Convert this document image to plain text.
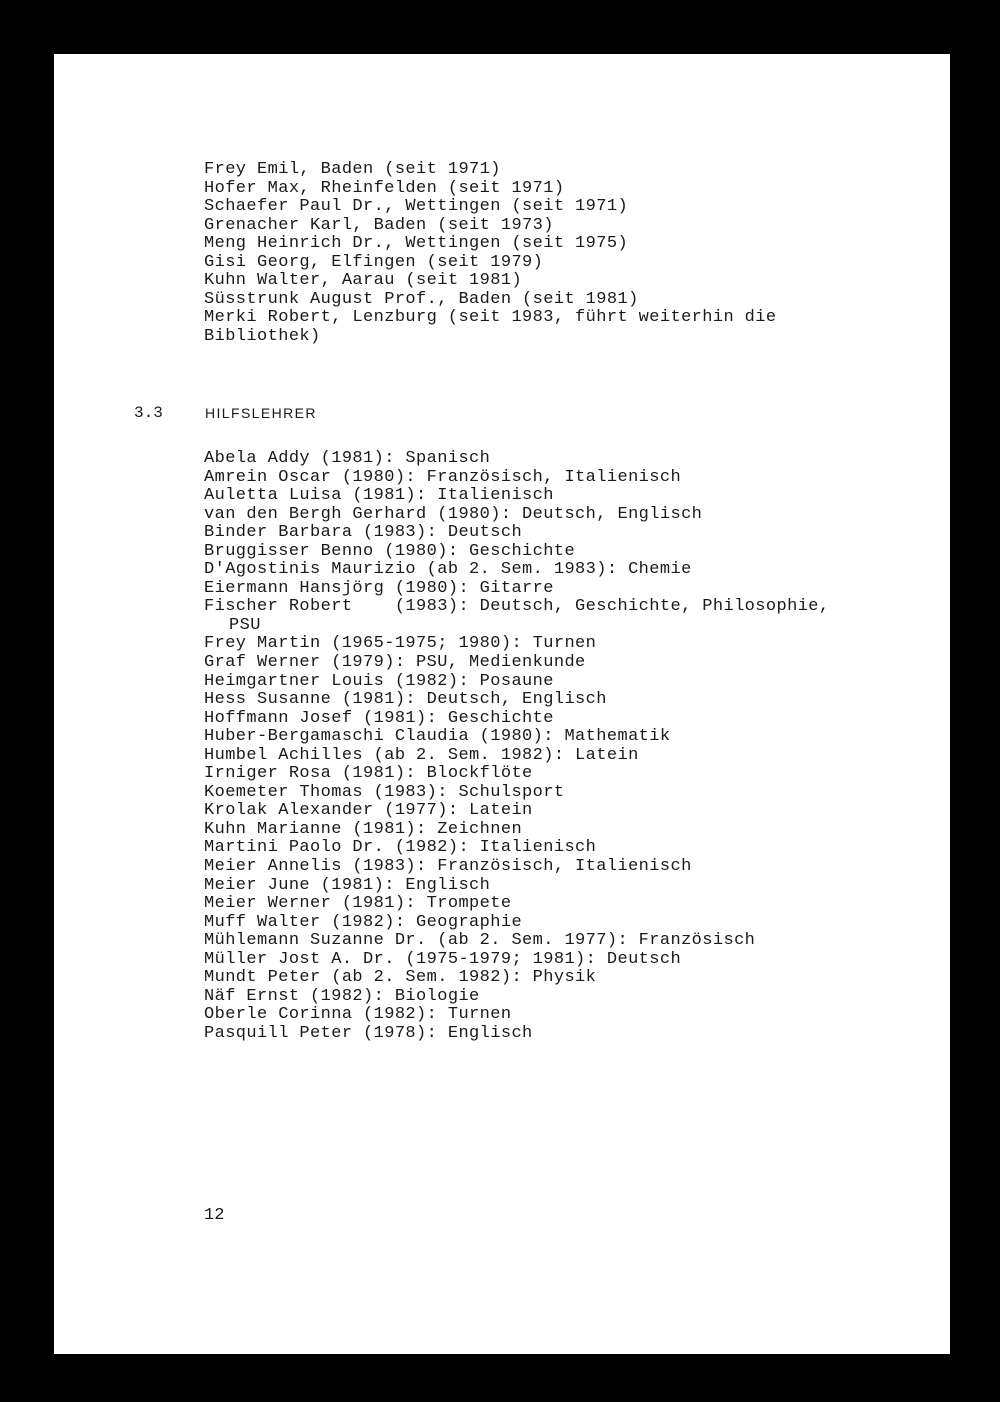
Frey Emil, Baden (seit 1971)
Hofer Max, Rheinfelden (seit 1971)
Schaefer Paul Dr., Wettingen (seit 1971)
Grenacher Karl, Baden (seit 1973)
Meng Heinrich Dr., Wettingen (seit 1975)
Gisi Georg, Elfingen (seit 1979)
Kuhn Walter, Aarau (seit 1981)
Süsstrunk August Prof., Baden (seit 1981)
Merki Robert, Lenzburg (seit 1983, führt weiterhin die
Bibliothek)
3.3	HILFSLEHRER
Abela Addy (1981): Spanisch
Amrein Oscar (1980): Französisch, Italienisch
Auletta Luisa (1981): Italienisch
van den Bergh Gerhard (1980): Deutsch, Englisch
Binder Barbara (1983): Deutsch
Bruggisser Benno (1980): Geschichte
D'Agostinis Maurizio (ab 2. Sem. 1983): Chemie
Eiermann Hansjörg (1980): Gitarre
Fischer Robert    (1983): Deutsch, Geschichte, Philosophie,
PSU
Frey Martin (1965-1975; 1980): Turnen
Graf Werner (1979): PSU, Medienkunde
Heimgartner Louis (1982): Posaune
Hess Susanne (1981): Deutsch, Englisch
Hoffmann Josef (1981): Geschichte
Huber-Bergamaschi Claudia (1980): Mathematik
Humbel Achilles (ab 2. Sem. 1982): Latein
Irniger Rosa (1981): Blockflöte
Koemeter Thomas (1983): Schulsport
Krolak Alexander (1977): Latein
Kuhn Marianne (1981): Zeichnen
Martini Paolo Dr. (1982): Italienisch
Meier Annelis (1983): Französisch, Italienisch
Meier June (1981): Englisch
Meier Werner (1981): Trompete
Muff Walter (1982): Geographie
Mühlemann Suzanne Dr. (ab 2. Sem. 1977): Französisch
Müller Jost A. Dr. (1975-1979; 1981): Deutsch
Mundt Peter (ab 2. Sem. 1982): Physik
Näf Ernst (1982): Biologie
Oberle Corinna (1982): Turnen
Pasquill Peter (1978): Englisch
12
